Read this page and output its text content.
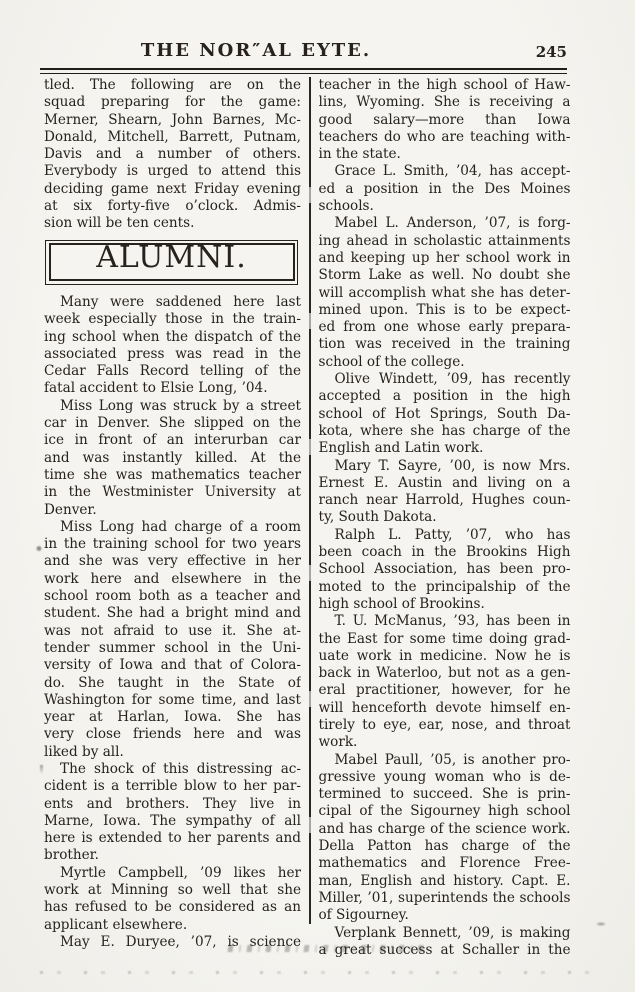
THE NOR″AL EYTE.	245
tled. The following are on the
squad preparing for the game:
Merner, Shearn, John Barnes, Mc-
Donald, Mitchell, Barrett, Putnam,
Davis and a number of others.
Everybody is urged to attend this
deciding game next Friday evening
at six forty-five o’clock. Admis-
sion will be ten cents.
ALUMNI.
Many were saddened here last
week especially those in the train-
ing school when the dispatch of the
associated press was read in the
Cedar Falls Record telling of the
fatal accident to Elsie Long, ’04.
Miss Long was struck by a street
car in Denver. She slipped on the
ice in front of an interurban car
and was instantly killed. At the
time she was mathematics teacher
in the Westminister University at
Denver.
Miss Long had charge of a room
in the training school for two years
and she was very effective in her
work here and elsewhere in the
school room both as a teacher and
student. She had a bright mind and
was not afraid to use it. She at-
tender summer school in the Uni-
versity of Iowa and that of Colora-
do. She taught in the State of
Washington for some time, and last
year at Harlan, Iowa. She has
very close friends here and was
liked by all.
The shock of this distressing ac-
cident is a terrible blow to her par-
ents and brothers. They live in
Marne, Iowa. The sympathy of all
here is extended to her parents and
brother.
Myrtle Campbell, ’09 likes her
work at Minning so well that she
has refused to be considered as an
applicant elsewhere.
May E. Duryee, ’07, is science
teacher in the high school of Haw-
lins, Wyoming. She is receiving a
good salary—more than Iowa
teachers do who are teaching with-
in the state.
Grace L. Smith, ’04, has accept-
ed a position in the Des Moines
schools.
Mabel L. Anderson, ’07, is forg-
ing ahead in scholastic attainments
and keeping up her school work in
Storm Lake as well. No doubt she
will accomplish what she has deter-
mined upon. This is to be expect-
ed from one whose early prepara-
tion was received in the training
school of the college.
Olive Windett, ’09, has recently
accepted a position in the high
school of Hot Springs, South Da-
kota, where she has charge of the
English and Latin work.
Mary T. Sayre, ’00, is now Mrs.
Ernest E. Austin and living on a
ranch near Harrold, Hughes coun-
ty, South Dakota.
Ralph L. Patty, ’07, who has
been coach in the Brookins High
School Association, has been pro-
moted to the principalship of the
high school of Brookins.
T. U. McManus, ’93, has been in
the East for some time doing grad-
uate work in medicine. Now he is
back in Waterloo, but not as a gen-
eral practitioner, however, for he
will henceforth devote himself en-
tirely to eye, ear, nose, and throat
work.
Mabel Paull, ’05, is another pro-
gressive young woman who is de-
termined to succeed. She is prin-
cipal of the Sigourney high school
and has charge of the science work.
Della Patton has charge of the
mathematics and Florence Free-
man, English and history. Capt. E.
Miller, ’01, superintends the schools
of Sigourney.
Verplank Bennett, ’09, is making
a great success at Schaller in the
